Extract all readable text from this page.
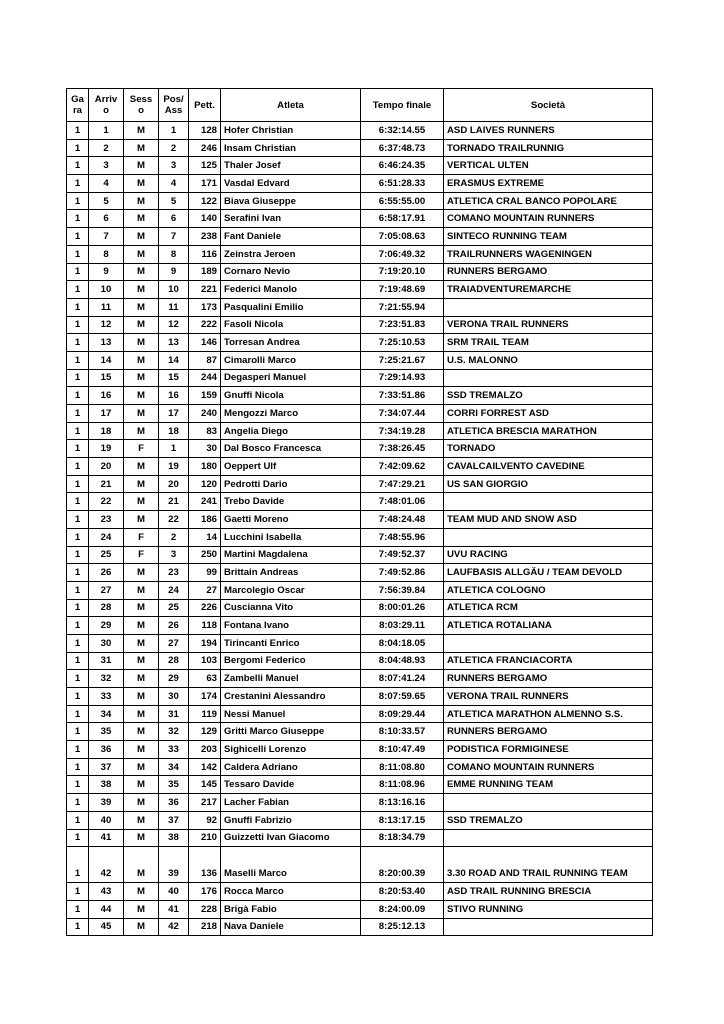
Gara	Arrivo	Sesso	Pos/ Ass	Pett.	Atleta	Tempo finale	Società
1	1	M	1	128	Hofer Christian	6:32:14.55	ASD LAIVES RUNNERS
1	2	M	2	246	Insam Christian	6:37:48.73	TORNADO TRAILRUNNIG
1	3	M	3	125	Thaler Josef	6:46:24.35	VERTICAL ULTEN
1	4	M	4	171	Vasdal Edvard	6:51:28.33	ERASMUS EXTREME
1	5	M	5	122	Biava Giuseppe	6:55:55.00	ATLETICA CRAL BANCO POPOLARE
1	6	M	6	140	Serafini Ivan	6:58:17.91	COMANO MOUNTAIN RUNNERS
1	7	M	7	238	Fant Daniele	7:05:08.63	SINTECO RUNNING TEAM
1	8	M	8	116	Zeinstra Jeroen	7:06:49.32	TRAILRUNNERS WAGENINGEN
1	9	M	9	189	Cornaro Nevio	7:19:20.10	RUNNERS BERGAMO
1	10	M	10	221	Federici Manolo	7:19:48.69	TRAIADVENTUREMARCHE
1	11	M	11	173	Pasqualini Emilio	7:21:55.94	
1	12	M	12	222	Fasoli Nicola	7:23:51.83	VERONA TRAIL RUNNERS
1	13	M	13	146	Torresan Andrea	7:25:10.53	SRM TRAIL TEAM
1	14	M	14	87	Cimarolli Marco	7:25:21.67	U.S. MALONNO
1	15	M	15	244	Degasperi Manuel	7:29:14.93	
1	16	M	16	159	Gnuffi Nicola	7:33:51.86	SSD TREMALZO
1	17	M	17	240	Mengozzi Marco	7:34:07.44	CORRI FORREST ASD
1	18	M	18	83	Angelia Diego	7:34:19.28	ATLETICA BRESCIA MARATHON
1	19	F	1	30	Dal Bosco Francesca	7:38:26.45	TORNADO
1	20	M	19	180	Oeppert Ulf	7:42:09.62	CAVALCAILVENTO CAVEDINE
1	21	M	20	120	Pedrotti Dario	7:47:29.21	US SAN GIORGIO
1	22	M	21	241	Trebo Davide	7:48:01.06	
1	23	M	22	186	Gaetti Moreno	7:48:24.48	TEAM MUD AND SNOW ASD
1	24	F	2	14	Lucchini Isabella	7:48:55.96	
1	25	F	3	250	Martini Magdalena	7:49:52.37	UVU RACING
1	26	M	23	99	Brittain Andreas	7:49:52.86	LAUFBASIS ALLGÄU / TEAM DEVOLD
1	27	M	24	27	Marcolegio Oscar	7:56:39.84	ATLETICA COLOGNO
1	28	M	25	226	Cuscianna Vito	8:00:01.26	ATLETICA RCM
1	29	M	26	118	Fontana Ivano	8:03:29.11	ATLETICA ROTALIANA
1	30	M	27	194	Tirincanti Enrico	8:04:18.05	
1	31	M	28	103	Bergomi Federico	8:04:48.93	ATLETICA FRANCIACORTA
1	32	M	29	63	Zambelli Manuel	8:07:41.24	RUNNERS BERGAMO
1	33	M	30	174	Crestanini Alessandro	8:07:59.65	VERONA TRAIL RUNNERS
1	34	M	31	119	Nessi Manuel	8:09:29.44	ATLETICA MARATHON ALMENNO S.S.
1	35	M	32	129	Gritti Marco Giuseppe	8:10:33.57	RUNNERS BERGAMO
1	36	M	33	203	Sighicelli Lorenzo	8:10:47.49	PODISTICA FORMIGINESE
1	37	M	34	142	Caldera Adriano	8:11:08.80	COMANO MOUNTAIN RUNNERS
1	38	M	35	145	Tessaro Davide	8:11:08.96	EMME RUNNING TEAM
1	39	M	36	217	Lacher Fabian	8:13:16.16	
1	40	M	37	92	Gnuffi Fabrizio	8:13:17.15	SSD TREMALZO
1	41	M	38	210	Guizzetti Ivan Giacomo	8:18:34.79	
1	42	M	39	136	Maselli Marco	8:20:00.39	3.30 ROAD AND TRAIL RUNNING TEAM
1	43	M	40	176	Rocca Marco	8:20:53.40	ASD TRAIL RUNNING BRESCIA
1	44	M	41	228	Brigà Fabio	8:24:00.09	STIVO RUNNING
1	45	M	42	218	Nava Daniele	8:25:12.13	
